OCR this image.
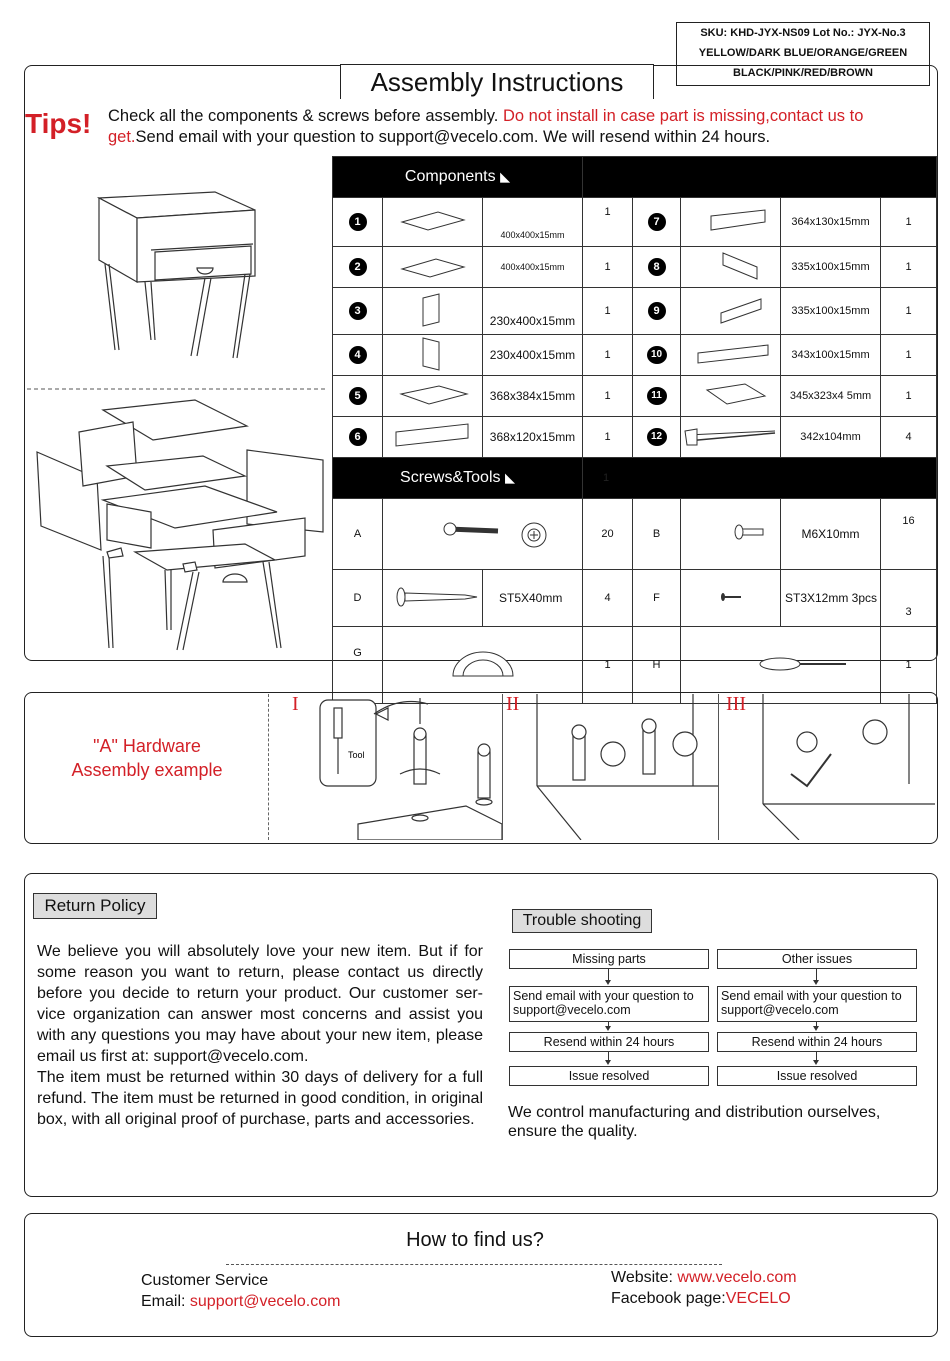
SKU: KHD-JYX-NS09 Lot No.: JYX-No.3
YELLOW/DARK BLUE/ORANGE/GREEN
BLACK/PINK/RED/BROWN
Assembly Instructions
Tips! Check all the components & screws before assembly. Do not install in case part is missing,contact us to get.Send email with your question to support@vecelo.com. We will resend within 24 hours.
Components ◣							
1		400x400x15mm	1	7		364x130x15mm	1
2		400x400x15mm	1	8		335x100x15mm	1
3		230x400x15mm	1	9		335x100x15mm	1
4		230x400x15mm	1	10		343x100x15mm	1
5		368x384x15mm	1	11		345x323x4 5mm	1
6		368x120x15mm	1	12		342x104mm	4
Screws&Tools ◣			1				
A			20	B		M6X10mm	16
D		ST5X40mm	4	F		ST3X12mm 3pcs	3
G			1	H			1
"A" Hardware
Assembly example
I	II	III
Tool
Return Policy
We believe you will absolutely love your new item. But if for some reason you want to return, please contact us directly before you decide to return your product. Our customer ser-vice organization can answer most concerns and assist you with any questions you may have about your new item, please email us first at: support@vecelo.com.
The item must be returned within 30 days of delivery for a full refund. The item must be returned in good condition, in original box, with all original proof of purchase, parts and accessories.
Trouble shooting
Missing parts
Send email with your question to support@vecelo.com
Resend within 24 hours
Issue resolved
Other issues
Send email with your question to support@vecelo.com
Resend within 24 hours
Issue resolved
We control manufacturing and distribution ourselves, ensure the quality.
How to find us?
Customer Service
Email: support@vecelo.com
Website: www.vecelo.com
Facebook page:VECELO
